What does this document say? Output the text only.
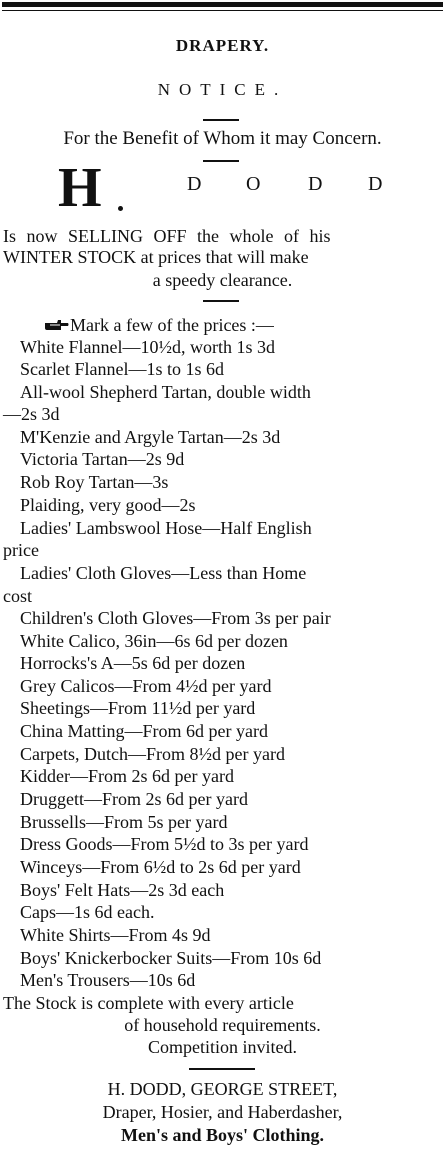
DRAPERY.
NOTICE.
For the Benefit of Whom it may Concern.
H	D O D D
Is now SELLING OFF the whole of his
WINTER STOCK at prices that will make
a speedy clearance.
Mark a few of the prices :—
White Flannel—10½d, worth 1s 3d
Scarlet Flannel—1s to 1s 6d
All-wool Shepherd Tartan, double width
—2s 3d
M'Kenzie and Argyle Tartan—2s 3d
Victoria Tartan—2s 9d
Rob Roy Tartan—3s
Plaiding, very good—2s
Ladies' Lambswool Hose—Half English
price
Ladies' Cloth Gloves—Less than Home
cost
Children's Cloth Gloves—From 3s per pair
White Calico, 36in—6s 6d per dozen
Horrocks's A—5s 6d per dozen
Grey Calicos—From 4½d per yard
Sheetings—From 11½d per yard
China Matting—From 6d per yard
Carpets, Dutch—From 8½d per yard
Kidder—From 2s 6d per yard
Druggett—From 2s 6d per yard
Brussells—From 5s per yard
Dress Goods—From 5½d to 3s per yard
Winceys—From 6½d to 2s 6d per yard
Boys' Felt Hats—2s 3d each
Caps—1s 6d each.
White Shirts—From 4s 9d
Boys' Knickerbocker Suits—From 10s 6d
Men's Trousers—10s 6d
The Stock is complete with every article
of household requirements.
Competition invited.
H. DODD, GEORGE STREET,
Draper, Hosier, and Haberdasher,
Men's and Boys' Clothing.
